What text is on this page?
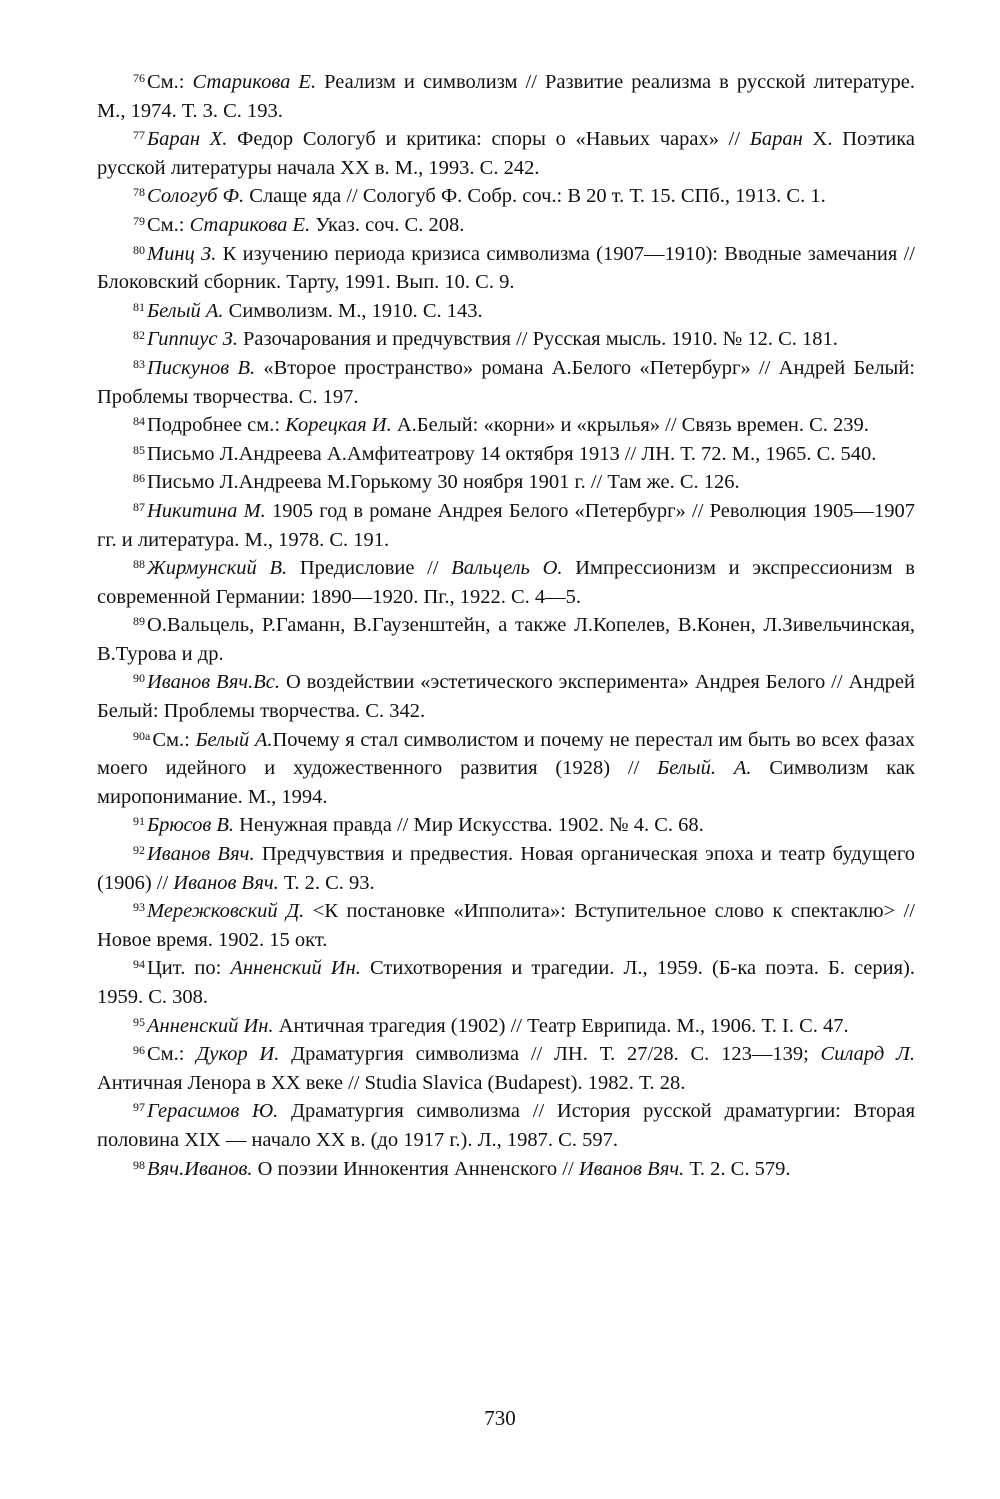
$^{76}$См.: Старикова Е. Реализм и символизм // Развитие реализма в русской литературе. М., 1974. Т. 3. С. 193.

$^{77}$Баран Х. Федор Сологуб и критика: споры о «Навьих чарах» // Баран Х. Поэтика русской литературы начала XX в. М., 1993. С. 242.

$^{78}$Сологуб Ф. Слаще яда // Сологуб Ф. Собр. соч.: В 20 т. Т. 15. СПб., 1913. С. 1.

$^{79}$См.: Старикова Е. Указ. соч. С. 208.

$^{80}$Минц З. К изучению периода кризиса символизма (1907—1910): Вводные замечания // Блоковский сборник. Тарту, 1991. Вып. 10. С. 9.

$^{81}$Белый А. Символизм. М., 1910. С. 143.

$^{82}$Гиппиус З. Разочарования и предчувствия // Русская мысль. 1910. № 12. С. 181.

$^{83}$Пискунов В. «Второе пространство» романа А.Белого «Петербург» // Андрей Белый: Проблемы творчества. С. 197.

$^{84}$Подробнее см.: Корецкая И. А.Белый: «корни» и «крылья» // Связь времен. С. 239.

$^{85}$Письмо Л.Андреева А.Амфитеатрову 14 октября 1913 // ЛН. Т. 72. М., 1965. С. 540.

$^{86}$Письмо Л.Андреева М.Горькому 30 ноября 1901 г. // Там же. С. 126.

$^{87}$Никитина М. 1905 год в романе Андрея Белого «Петербург» // Революция 1905—1907 гг. и литература. М., 1978. С. 191.

$^{88}$Жирмунский В. Предисловие // Вальцель О. Импрессионизм и экспрессионизм в современной Германии: 1890—1920. Пг., 1922. С. 4—5.

$^{89}$О.Вальцель, Р.Гаманн, В.Гаузенштейн, а также Л.Копелев, В.Конен, Л.Зивельчинская, В.Турова и др.

$^{90}$Иванов Вяч.Вс. О воздействии «эстетического эксперимента» Андрея Белого // Андрей Белый: Проблемы творчества. С. 342.

$^{90a}$См.: Белый А.Почему я стал символистом и почему не перестал им быть во всех фазах моего идейного и художественного развития (1928) // Белый. А. Символизм как миропонимание. М., 1994.

$^{91}$Брюсов В. Ненужная правда // Мир Искусства. 1902. № 4. С. 68.

$^{92}$Иванов Вяч. Предчувствия и предвестия. Новая органическая эпоха и театр будущего (1906) // Иванов Вяч. Т. 2. С. 93.

$^{93}$Мережковский Д. <К постановке «Ипполита»: Вступительное слово к спектаклю> // Новое время. 1902. 15 окт.

$^{94}$Цит. по: Анненский Ин. Стихотворения и трагедии. Л., 1959. (Б-ка поэта. Б. серия). 1959. С. 308.

$^{95}$Анненский Ин. Античная трагедия (1902) // Театр Еврипида. М., 1906. Т. I. С. 47.

$^{96}$См.: Дукор И. Драматургия символизма // ЛН. Т. 27/28. С. 123—139; Силард Л. Античная Ленора в XX веке // Studia Slavica (Budapest). 1982. Т. 28.

$^{97}$Герасимов Ю. Драматургия символизма // История русской драматургии: Вторая половина XIX — начало XX в. (до 1917 г.). Л., 1987. С. 597.

$^{98}$Вяч.Иванов. О поэзии Иннокентия Анненского // Иванов Вяч. Т. 2. С. 579.

730
